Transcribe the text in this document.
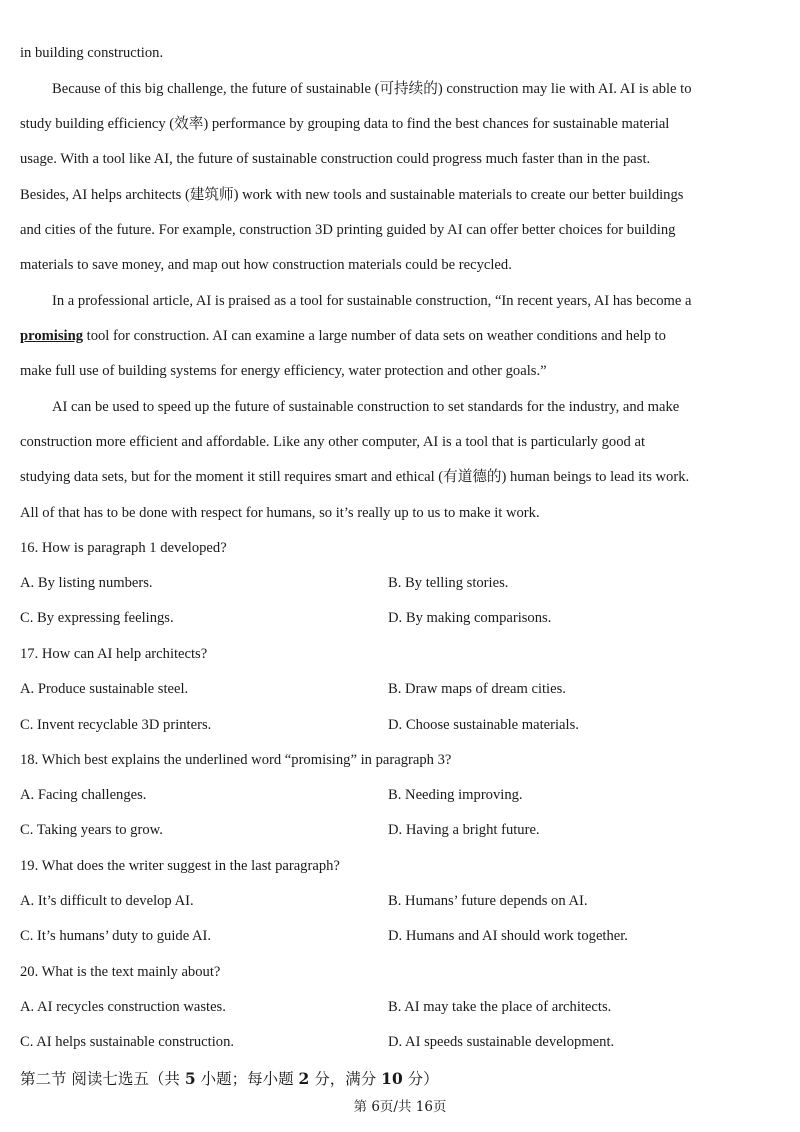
in building construction.
Because of this big challenge, the future of sustainable (可持续的) construction may lie with AI. AI is able to
study building efficiency (效率) performance by grouping data to find the best chances for sustainable material
usage. With a tool like AI, the future of sustainable construction could progress much faster than in the past.
Besides, AI helps architects (建筑师) work with new tools and sustainable materials to create our better buildings
and cities of the future. For example, construction 3D printing guided by AI can offer better choices for building
materials to save money, and map out how construction materials could be recycled.
In a professional article, AI is praised as a tool for sustainable construction, “In recent years, AI has become a
promising tool for construction. AI can examine a large number of data sets on weather conditions and help to
make full use of building systems for energy efficiency, water protection and other goals.”
AI can be used to speed up the future of sustainable construction to set standards for the industry, and make
construction more efficient and affordable. Like any other computer, AI is a tool that is particularly good at
studying data sets, but for the moment it still requires smart and ethical (有道德的) human beings to lead its work.
All of that has to be done with respect for humans, so it’s really up to us to make it work.
16. How is paragraph 1 developed?
A. By listing numbers.	B. By telling stories.
C. By expressing feelings.	D. By making comparisons.
17. How can AI help architects?
A. Produce sustainable steel.	B. Draw maps of dream cities.
C. Invent recyclable 3D printers.	D. Choose sustainable materials.
18. Which best explains the underlined word “promising” in paragraph 3?
A. Facing challenges.	B. Needing improving.
C. Taking years to grow.	D. Having a bright future.
19. What does the writer suggest in the last paragraph?
A. It’s difficult to develop AI.	B. Humans’ future depends on AI.
C. It’s humans’ duty to guide AI.	D. Humans and AI should work together.
20. What is the text mainly about?
A. AI recycles construction wastes.	B. AI may take the place of architects.
C. AI helps sustainable construction.	D. AI speeds sustainable development.
第二节 阅读七选五（共 5 小题；每小题 2 分，满分 10 分）
第 6页/共 16页
